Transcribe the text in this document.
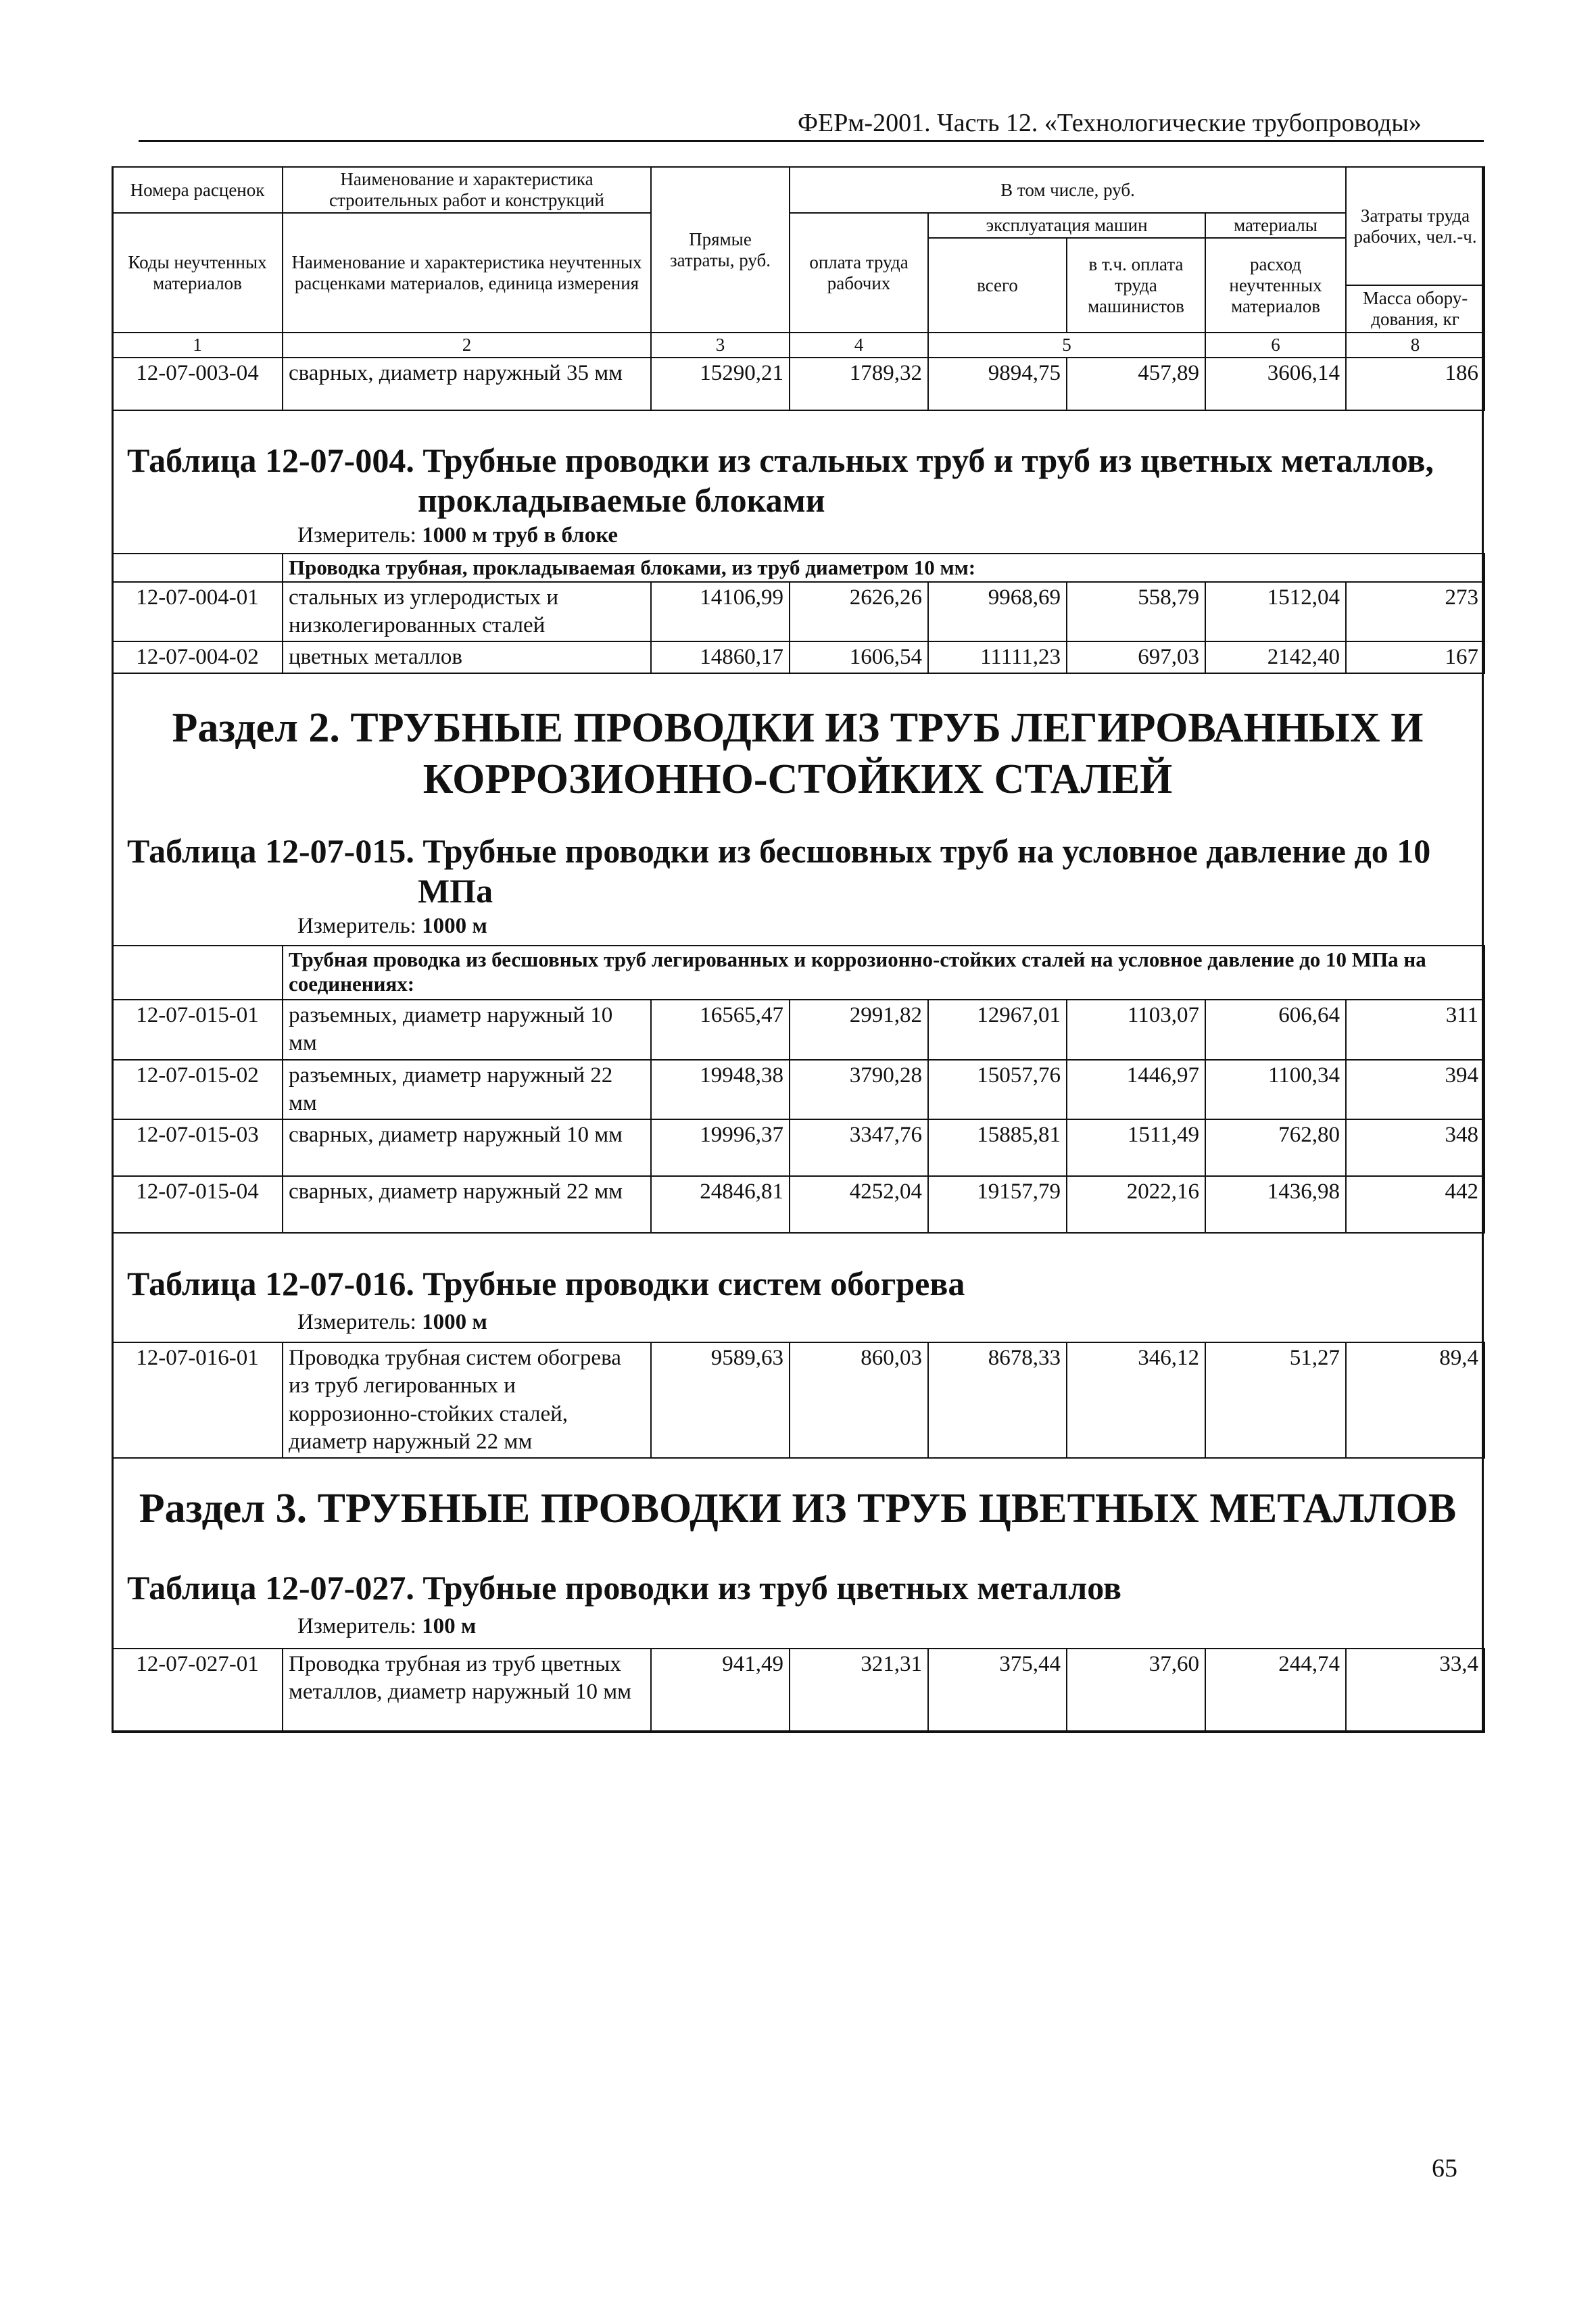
ФЕРм-2001. Часть 12. «Технологические трубопроводы»
Номера расценок	Наименование и характеристика строительных работ и конструкций	Прямые затраты, руб.	В том числе, руб.				Затраты труда рабочих, чел.-ч.
Коды неучтенных материалов	Наименование и характеристика неучтенных расценками материалов, единица измерения		оплата труда рабочих	эксплуатация машин		материалы	
				всего	в т.ч. оплата труда машинистов	расход неучтенных материалов	
							Масса обору-дования, кг
1	2	3	4	5		6	8
12-07-003-04	сварных, диаметр наружный 35 мм	15290,21	1789,32	9894,75	457,89	3606,14	186
Таблица 12-07-004. Трубные проводки из стальных труб и труб из цветных металлов,
прокладываемые блоками
Измеритель: 1000 м труб в блоке
	Проводка трубная, прокладываемая блоками, из труб диаметром 10 мм:						
12-07-004-01	стальных из углеродистых и низколегированных сталей	14106,99	2626,26	9968,69	558,79	1512,04	273
12-07-004-02	цветных металлов	14860,17	1606,54	11111,23	697,03	2142,40	167
Раздел 2. ТРУБНЫЕ ПРОВОДКИ ИЗ ТРУБ ЛЕГИРОВАННЫХ И
КОРРОЗИОННО-СТОЙКИХ СТАЛЕЙ
Таблица 12-07-015. Трубные проводки из бесшовных труб на условное давление до 10
МПа
Измеритель: 1000 м
	Трубная проводка из бесшовных труб легированных и коррозионно-стойких сталей на условное давление до 10 МПа на соединениях:						
12-07-015-01	разъемных, диаметр наружный 10 мм	16565,47	2991,82	12967,01	1103,07	606,64	311
12-07-015-02	разъемных, диаметр наружный 22 мм	19948,38	3790,28	15057,76	1446,97	1100,34	394
12-07-015-03	сварных, диаметр наружный 10 мм	19996,37	3347,76	15885,81	1511,49	762,80	348
12-07-015-04	сварных, диаметр наружный 22 мм	24846,81	4252,04	19157,79	2022,16	1436,98	442
Таблица 12-07-016. Трубные проводки систем обогрева
Измеритель: 1000 м
12-07-016-01	Проводка трубная систем обогрева из труб легированных и коррозионно-стойких сталей, диаметр наружный 22 мм	9589,63	860,03	8678,33	346,12	51,27	89,4
Раздел 3. ТРУБНЫЕ ПРОВОДКИ ИЗ ТРУБ ЦВЕТНЫХ МЕТАЛЛОВ
Таблица 12-07-027. Трубные проводки из труб цветных металлов
Измеритель: 100 м
12-07-027-01	Проводка трубная из труб цветных металлов, диаметр наружный 10 мм	941,49	321,31	375,44	37,60	244,74	33,4
65
